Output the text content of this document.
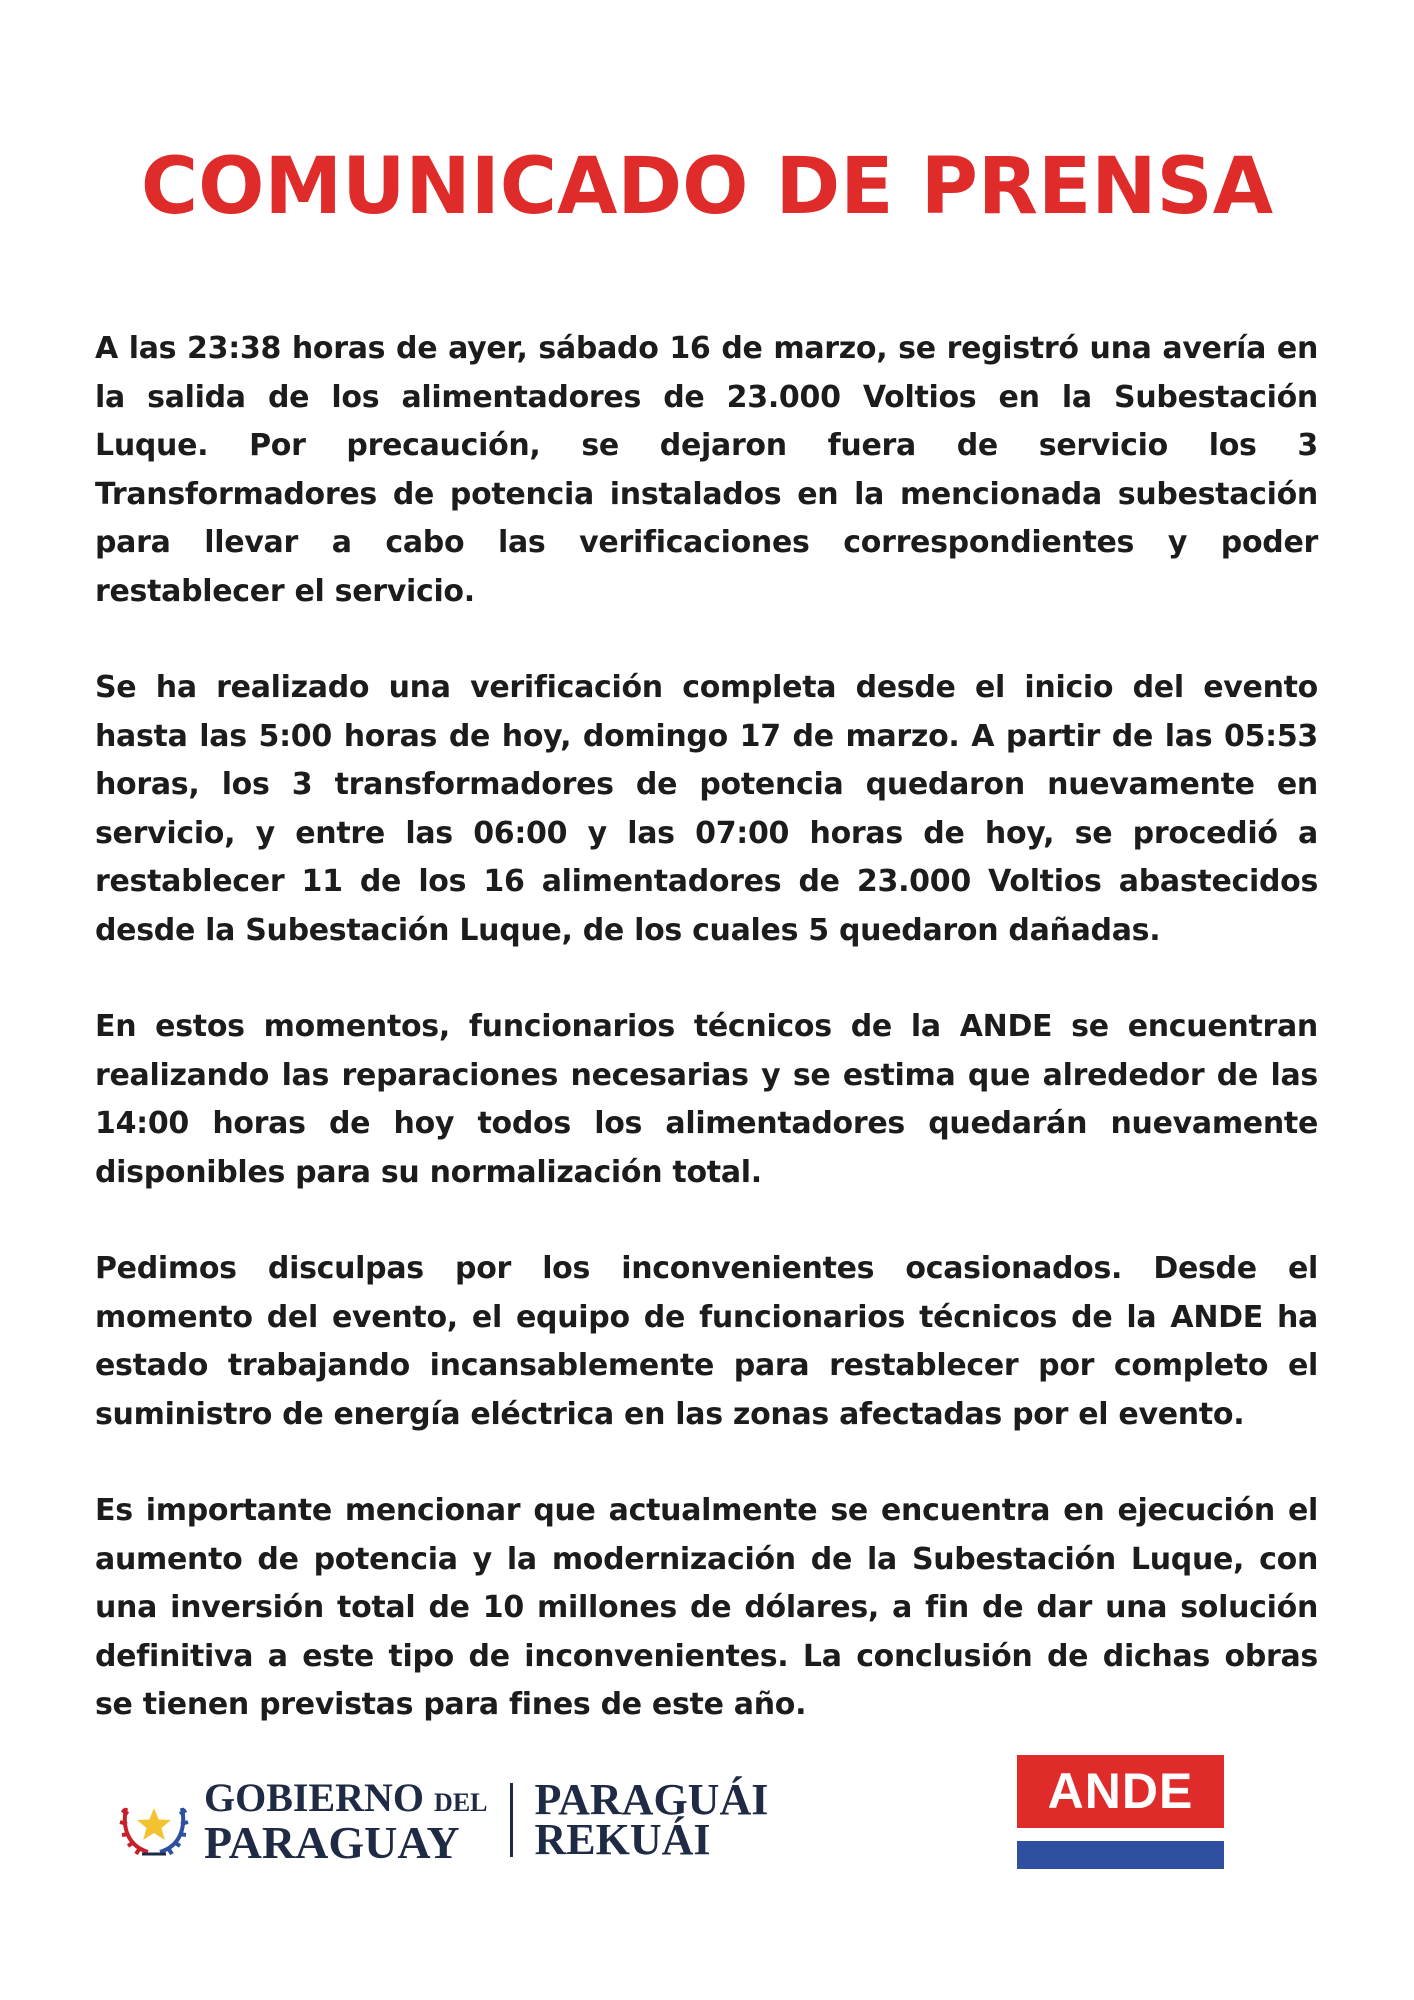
COMUNICADO DE PRENSA

A las 23:38 horas de ayer, sábado 16 de marzo, se registró una avería en la salida de los alimentadores de 23.000 Voltios en la Subestación Luque. Por precaución, se dejaron fuera de servicio los 3 Transformadores de potencia instalados en la mencionada subestación para llevar a cabo las verificaciones correspondientes y poder restablecer el servicio.

Se ha realizado una verificación completa desde el inicio del evento hasta las 5:00 horas de hoy, domingo 17 de marzo. A partir de las 05:53 horas, los 3 transformadores de potencia quedaron nuevamente en servicio, y entre las 06:00 y las 07:00 horas de hoy, se procedió a restablecer 11 de los 16 alimentadores de 23.000 Voltios abastecidos desde la Subestación Luque, de los cuales 5 quedaron dañadas.

En estos momentos, funcionarios técnicos de la ANDE se encuentran realizando las reparaciones necesarias y se estima que alrededor de las 14:00 horas de hoy todos los alimentadores quedarán nuevamente disponibles para su normalización total.

Pedimos disculpas por los inconvenientes ocasionados. Desde el momento del evento, el equipo de funcionarios técnicos de la ANDE ha estado trabajando incansablemente para restablecer por completo el suministro de energía eléctrica en las zonas afectadas por el evento.

Es importante mencionar que actualmente se encuentra en ejecución el aumento de potencia y la modernización de la Subestación Luque, con una inversión total de 10 millones de dólares, a fin de dar una solución definitiva a este tipo de inconvenientes. La conclusión de dichas obras se tienen previstas para fines de este año.

GOBIERNO DEL
PARAGUAY
PARAGUÁI
REKUÁI
ANDE
